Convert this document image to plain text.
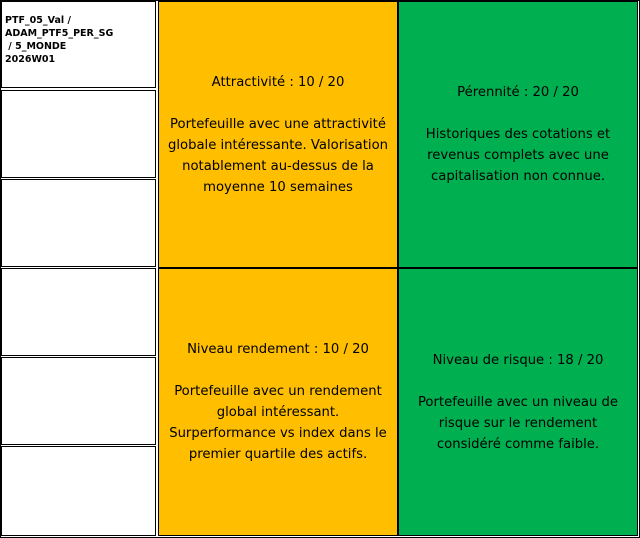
PTF_05_Val /
ADAM_PTF5_PER_SG
/ 5_MONDE
2026W01

Attractivité : 10 / 20

Portefeuille avec une attractivité globale intéressante. Valorisation notablement au-dessus de la moyenne 10 semaines

Pérennité : 20 / 20

Historiques des cotations et revenus complets avec une capitalisation non connue.

Niveau rendement : 10 / 20

Portefeuille avec un rendement global intéressant. Surperformance vs index dans le premier quartile des actifs.

Niveau de risque : 18 / 20

Portefeuille avec un niveau de risque sur le rendement considéré comme faible.
